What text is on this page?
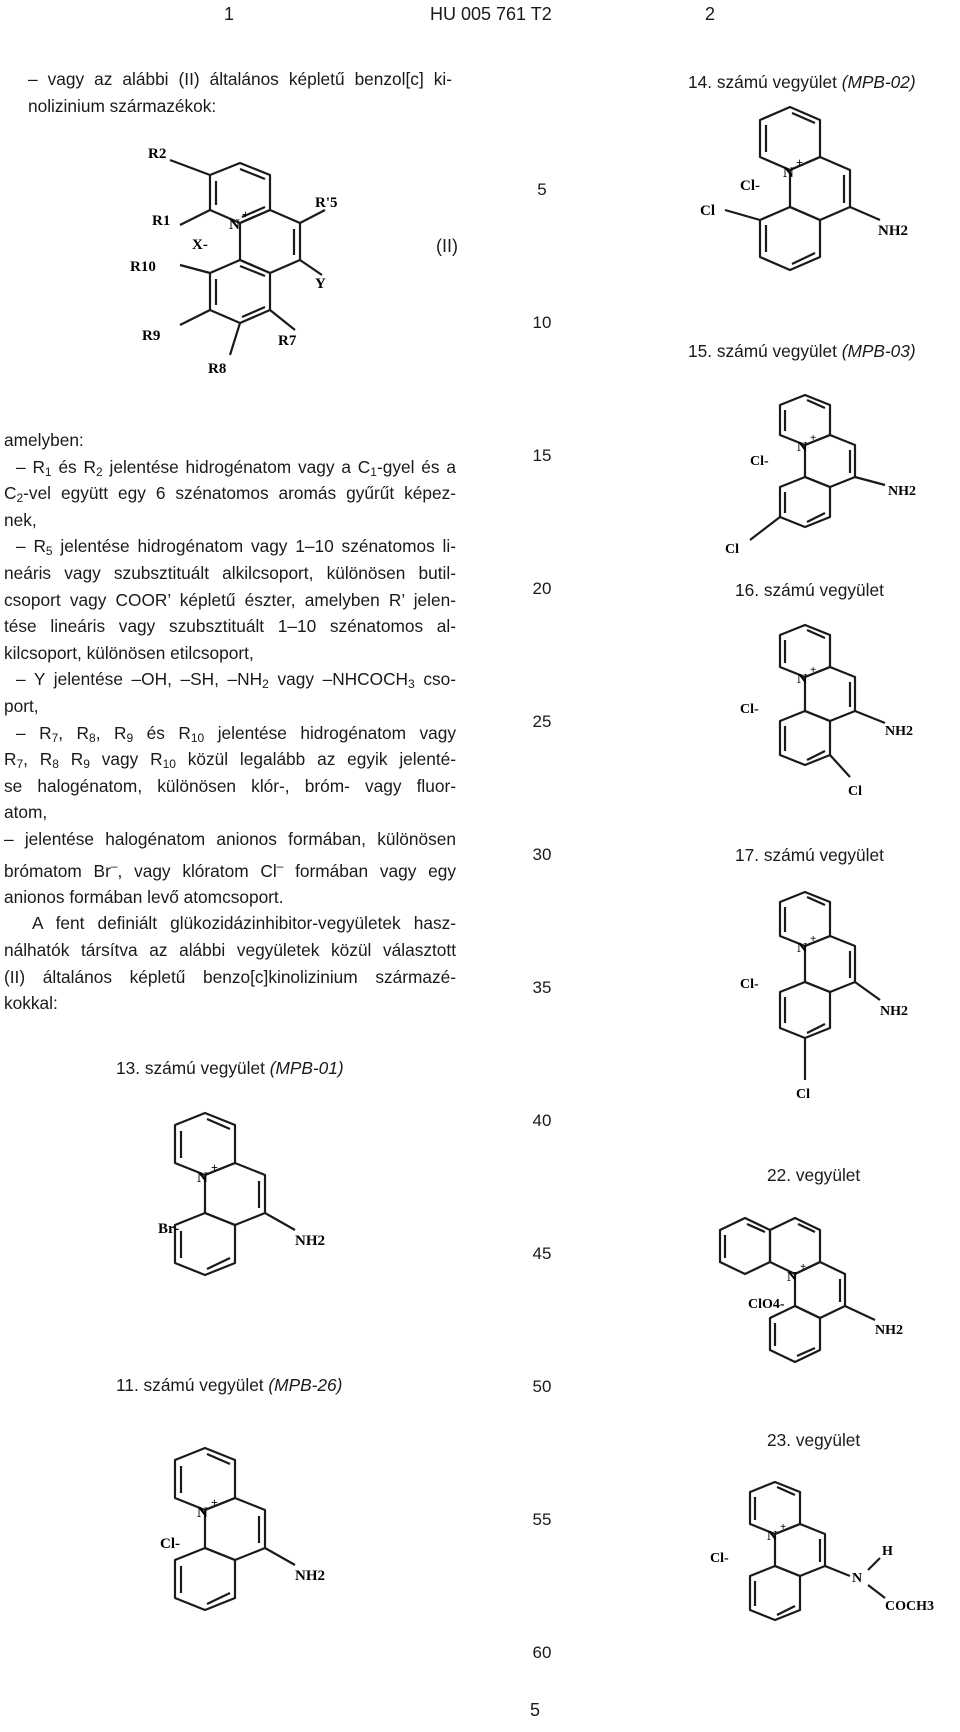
1	HU 005 761 T2	2
– vagy az alábbi (II) általános képletű benzol[c] ki-
nolizinium származékok:
(II)
amelyben:
– $R_1$ és $R_2$ jelentése hidrogénatom vagy a $C_1$-gyel és a
$C_2$-vel együtt egy 6 szénatomos aromás gyűrűt képez-
nek,
– $R_5$ jelentése hidrogénatom vagy 1–10 szénatomos li-
neáris vagy szubsztituált alkilcsoport, különösen butil-
csoport vagy COOR’ képletű észter, amelyben R’ jelen-
tése lineáris vagy szubsztituált 1–10 szénatomos al-
kilcsoport, különösen etilcsoport,
– Y jelentése –OH, –SH, $-NH_2$ vagy $-NHCOCH_3$ cso-
port,
– $R_7$, $R_8$, $R_9$ és $R_{10}$ jelentése hidrogénatom vagy
$R_7$, $R_8$ $R_9$ vagy $R_{10}$ közül legalább az egyik jelenté-
se halogénatom, különösen klór-, bróm- vagy fluor-
atom,
– jelentése halogénatom anionos formában, különösen
brómatom Br–, vagy klóratom Cl– formában vagy egy
anionos formában levő atomcsoport.
A fent definiált glükozidázinhibitor-vegyületek hasz-
nálhatók társítva az alábbi vegyületek közül választott
(II) általános képletű benzo[c]kinolizinium származé-
kokkal:
13. számú vegyület (MPB-01)
11. számú vegyület (MPB-26)
5
10
15
20
25
30
35
40
45
50
55
60
14. számú vegyület (MPB-02)
15. számú vegyület (MPB-03)
16. számú vegyület
17. számú vegyület
22. vegyület
23. vegyület
5
R2
R1	N
+
X-
R'5
Y
R10
R9	R7
R8
N
+
Cl-
Cl
NH2
N
+
Cl-
Cl
NH2
N
+
Cl-
Cl
NH2
N
+
Cl-
Cl
NH2
N
+
ClO4-
NH2
N
+
Cl-
N
H
COCH3
N
+
Br-
NH2
N
+
Cl-
NH2
